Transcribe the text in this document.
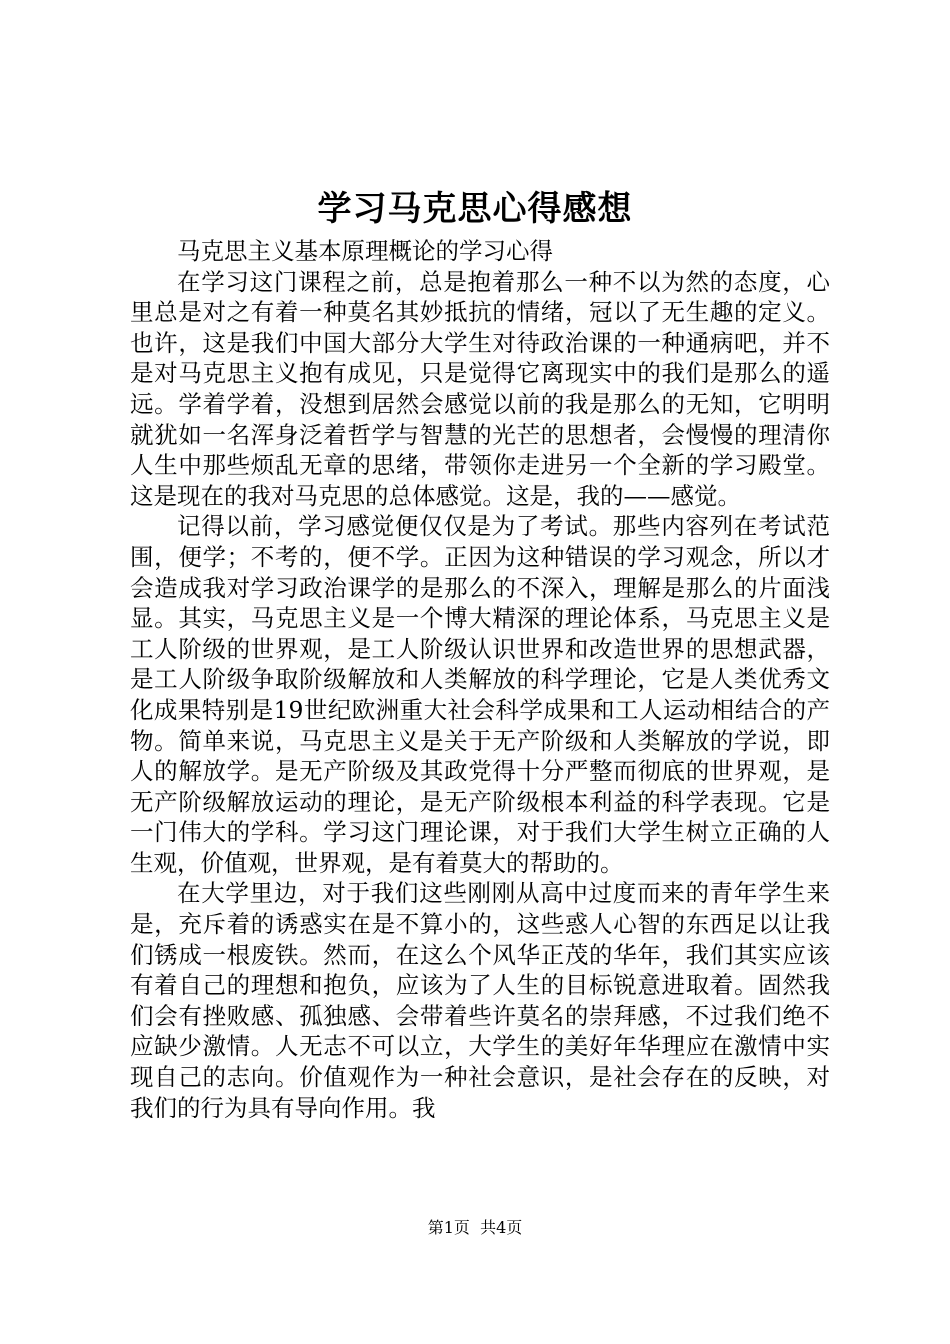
学习马克思心得感想

马克思主义基本原理概论的学习心得

在学习这门课程之前，总是抱着那么一种不以为然的态度，心里总是对之有着一种莫名其妙抵抗的情绪，冠以了无生趣的定义。也许，这是我们中国大部分大学生对待政治课的一种通病吧，并不是对马克思主义抱有成见，只是觉得它离现实中的我们是那么的遥远。学着学着，没想到居然会感觉以前的我是那么的无知，它明明就犹如一名浑身泛着哲学与智慧的光芒的思想者，会慢慢的理清你人生中那些烦乱无章的思绪，带领你走进另一个全新的学习殿堂。这是现在的我对马克思的总体感觉。这是，我的——感觉。

记得以前，学习感觉便仅仅是为了考试。那些内容列在考试范围，便学；不考的，便不学。正因为这种错误的学习观念，所以才会造成我对学习政治课学的是那么的不深入，理解是那么的片面浅显。其实，马克思主义是一个博大精深的理论体系，马克思主义是工人阶级的世界观，是工人阶级认识世界和改造世界的思想武器，是工人阶级争取阶级解放和人类解放的科学理论，它是人类优秀文化成果特别是19世纪欧洲重大社会科学成果和工人运动相结合的产物。简单来说，马克思主义是关于无产阶级和人类解放的学说，即人的解放学。是无产阶级及其政党得十分严整而彻底的世界观，是无产阶级解放运动的理论，是无产阶级根本利益的科学表现。它是一门伟大的学科。学习这门理论课，对于我们大学生树立正确的人生观，价值观，世界观，是有着莫大的帮助的。

在大学里边，对于我们这些刚刚从高中过度而来的青年学生来是，充斥着的诱惑实在是不算小的，这些惑人心智的东西足以让我们锈成一根废铁。然而，在这么个风华正茂的华年，我们其实应该有着自己的理想和抱负，应该为了人生的目标锐意进取着。固然我们会有挫败感、孤独感、会带着些许莫名的崇拜感，不过我们绝不应缺少激情。人无志不可以立，大学生的美好年华理应在激情中实现自己的志向。价值观作为一种社会意识，是社会存在的反映，对我们的行为具有导向作用。我

第1页 共4页
